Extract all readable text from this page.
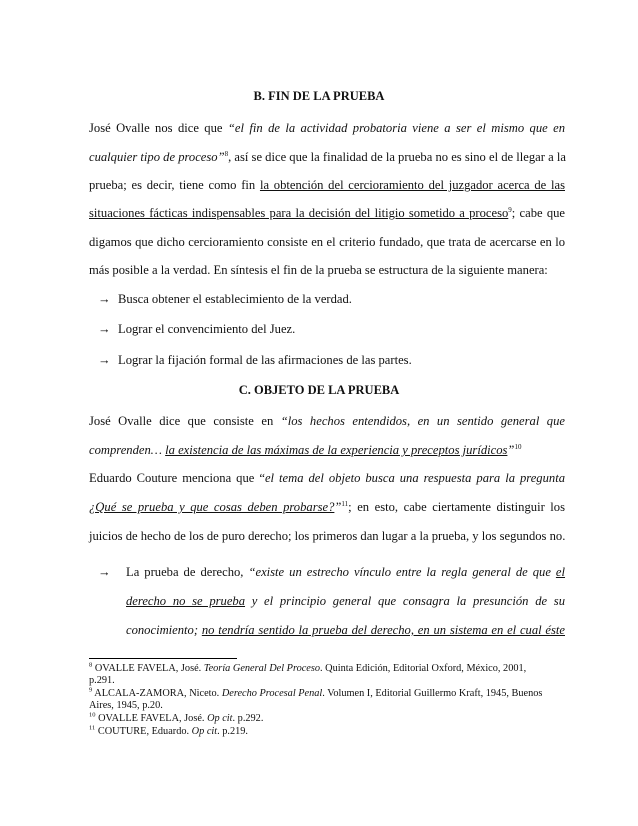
B. FIN DE LA PRUEBA
José Ovalle nos dice que “el fin de la actividad probatoria viene a ser el mismo que en
cualquier tipo de proceso”$^8$, así se dice que la finalidad de la prueba no es sino el de llegar a la
prueba; es decir, tiene como fin la obtención del cercioramiento del juzgador acerca de las
situaciones fácticas indispensables para la decisión del litigio sometido a proceso$^9$; cabe que
digamos que dicho cercioramiento consiste en el criterio fundado, que trata de acercarse en lo
más posible a la verdad. En síntesis el fin de la prueba se estructura de la siguiente manera:
→ Busca obtener el establecimiento de la verdad.
→ Lograr el convencimiento del Juez.
→ Lograr la fijación formal de las afirmaciones de las partes.
C. OBJETO DE LA PRUEBA
José Ovalle dice que consiste en “los hechos entendidos, en un sentido general que
comprenden… la existencia de las máximas de la experiencia y preceptos jurídicos”$^{10}$
Eduardo Couture menciona que “el tema del objeto busca una respuesta para la pregunta
¿Qué se prueba y que cosas deben probarse?”$^{11}$; en esto, cabe ciertamente distinguir los
juicios de hecho de los de puro derecho; los primeros dan lugar a la prueba, y los segundos no.
→ La prueba de derecho, “existe un estrecho vínculo entre la regla general de que el
derecho no se prueba y el principio general que consagra la presunción de su
conocimiento; no tendría sentido la prueba del derecho, en un sistema en el cual éste
$^8$ OVALLE FAVELA, José. Teoría General Del Proceso. Quinta Edición, Editorial Oxford, México, 2001,
p.291.
$^9$ ALCALA-ZAMORA, Niceto. Derecho Procesal Penal. Volumen I, Editorial Guillermo Kraft, 1945, Buenos
Aires, 1945, p.20.
$^{10}$ OVALLE FAVELA, José. Op cit. p.292.
$^{11}$ COUTURE, Eduardo. Op cit. p.219.
